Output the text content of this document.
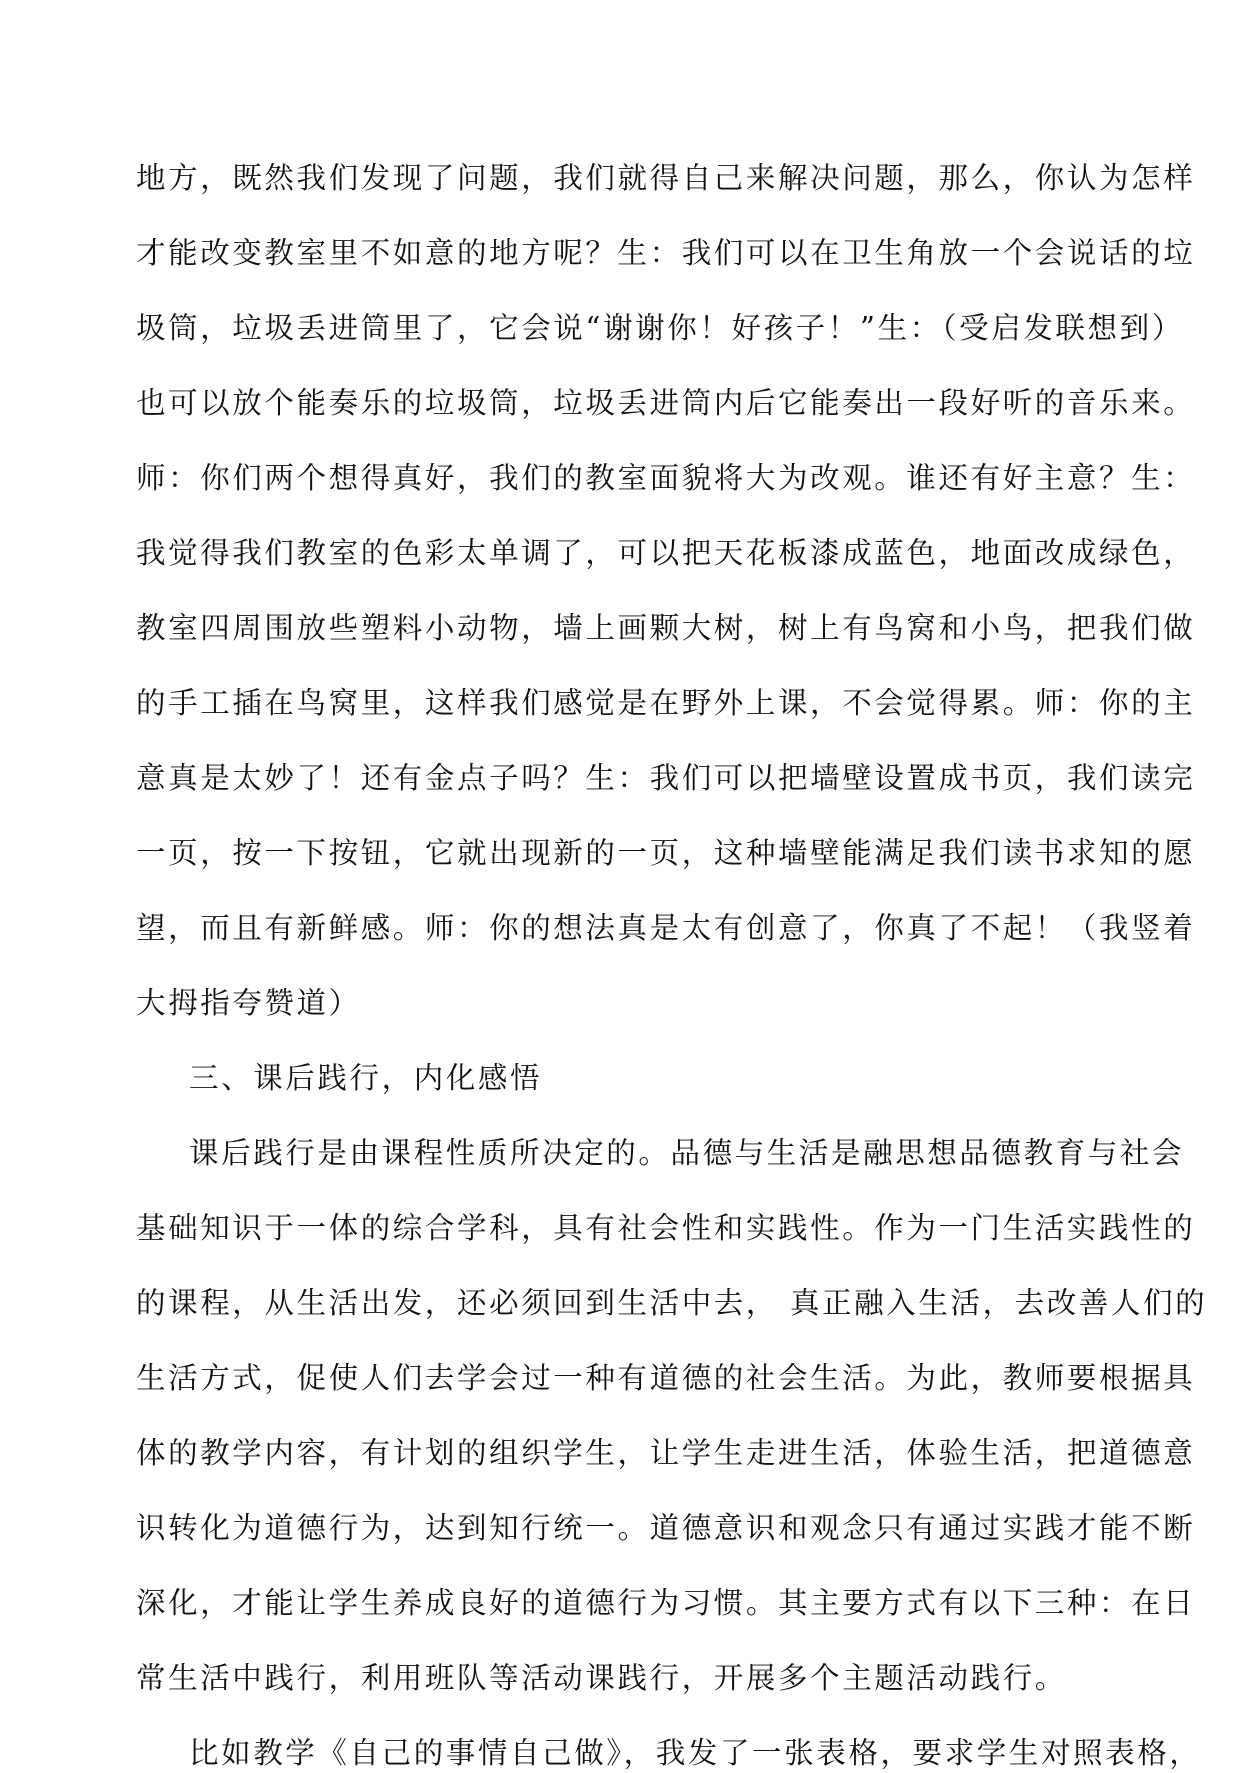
地方，既然我们发现了问题，我们就得自己来解决问题，那么，你认为怎样
才能改变教室里不如意的地方呢？生：我们可以在卫生角放一个会说话的垃
圾筒，垃圾丢进筒里了，它会说“谢谢你！好孩子！”生：（受启发联想到）
也可以放个能奏乐的垃圾筒，垃圾丢进筒内后它能奏出一段好听的音乐来。
师：你们两个想得真好，我们的教室面貌将大为改观。谁还有好主意？生：
我觉得我们教室的色彩太单调了，可以把天花板漆成蓝色，地面改成绿色，
教室四周围放些塑料小动物，墙上画颗大树，树上有鸟窝和小鸟，把我们做
的手工插在鸟窝里，这样我们感觉是在野外上课，不会觉得累。师：你的主
意真是太妙了！还有金点子吗？生：我们可以把墙壁设置成书页，我们读完
一页，按一下按钮，它就出现新的一页，这种墙壁能满足我们读书求知的愿
望，而且有新鲜感。师：你的想法真是太有创意了，你真了不起！（我竖着
大拇指夸赞道）
三、课后践行，内化感悟
课后践行是由课程性质所决定的。品德与生活是融思想品德教育与社会
基础知识于一体的综合学科，具有社会性和实践性。作为一门生活实践性的
的课程，从生活出发，还必须回到生活中去， 真正融入生活，去改善人们的
生活方式，促使人们去学会过一种有道德的社会生活。为此，教师要根据具
体的教学内容，有计划的组织学生，让学生走进生活，体验生活，把道德意
识转化为道德行为，达到知行统一。道德意识和观念只有通过实践才能不断
深化，才能让学生养成良好的道德行为习惯。其主要方式有以下三种：在日
常生活中践行，利用班队等活动课践行，开展多个主题活动践行。
比如教学《自己的事情自己做》，我发了一张表格，要求学生对照表格，
